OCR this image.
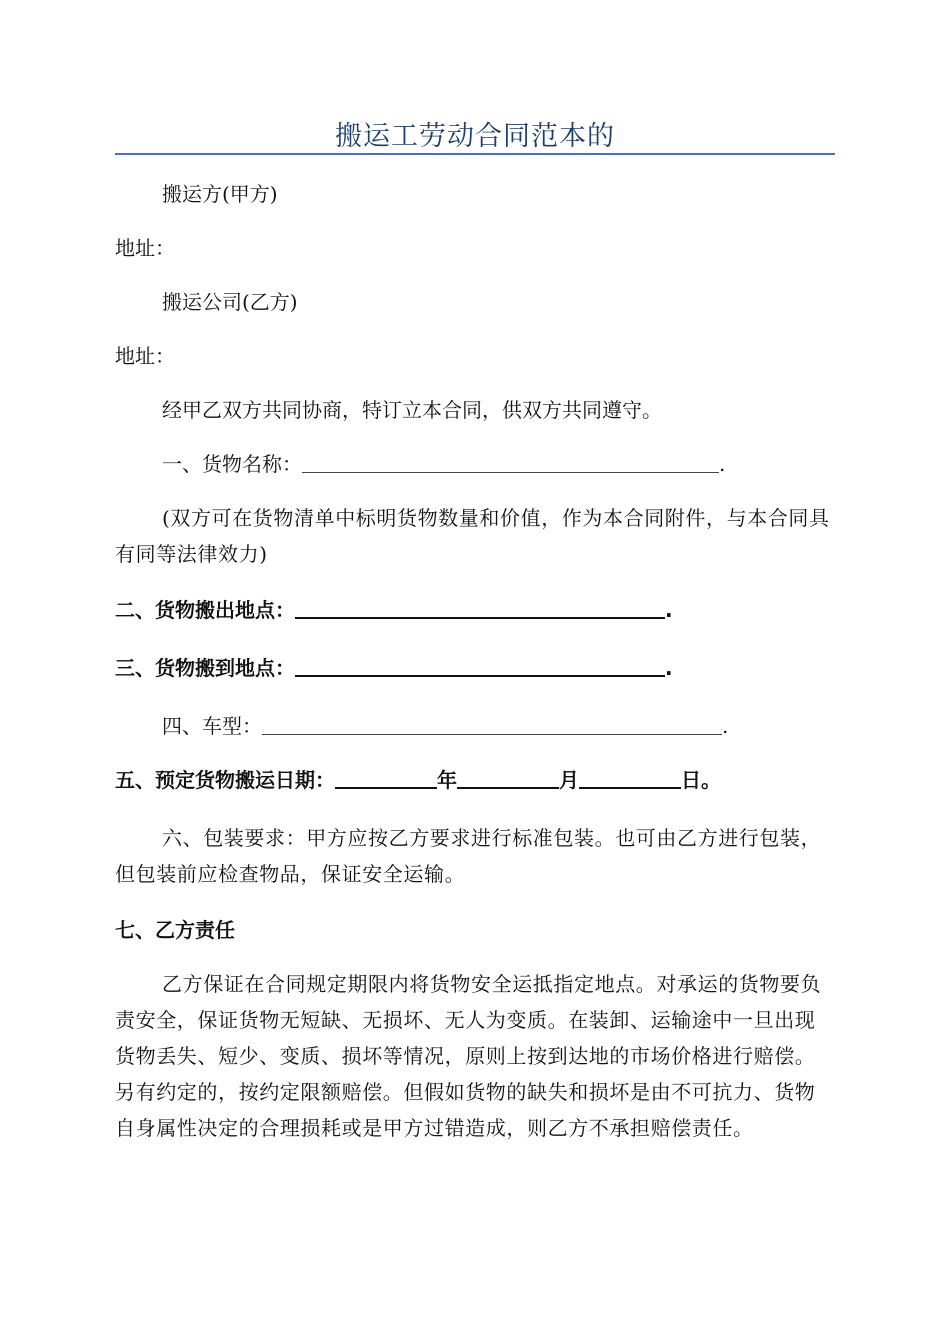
搬运工劳动合同范本的
搬运方(甲方)
地址：
搬运公司(乙方)
地址：
经甲乙双方共同协商，特订立本合同，供双方共同遵守。
一、货物名称：	.
(双方可在货物清单中标明货物数量和价值，作为本合同附件，与本合同具有同等法律效力)
二、货物搬出地点：	.
三、货物搬到地点：	.
四、车型：	.
五、预定货物搬运日期：	年	月	日。
六、包装要求：甲方应按乙方要求进行标准包装。也可由乙方进行包装，但包装前应检查物品，保证安全运输。
七、乙方责任
乙方保证在合同规定期限内将货物安全运抵指定地点。对承运的货物要负责安全，保证货物无短缺、无损坏、无人为变质。在装卸、运输途中一旦出现货物丢失、短少、变质、损坏等情况，原则上按到达地的市场价格进行赔偿。另有约定的，按约定限额赔偿。但假如货物的缺失和损坏是由不可抗力、货物自身属性决定的合理损耗或是甲方过错造成，则乙方不承担赔偿责任。
